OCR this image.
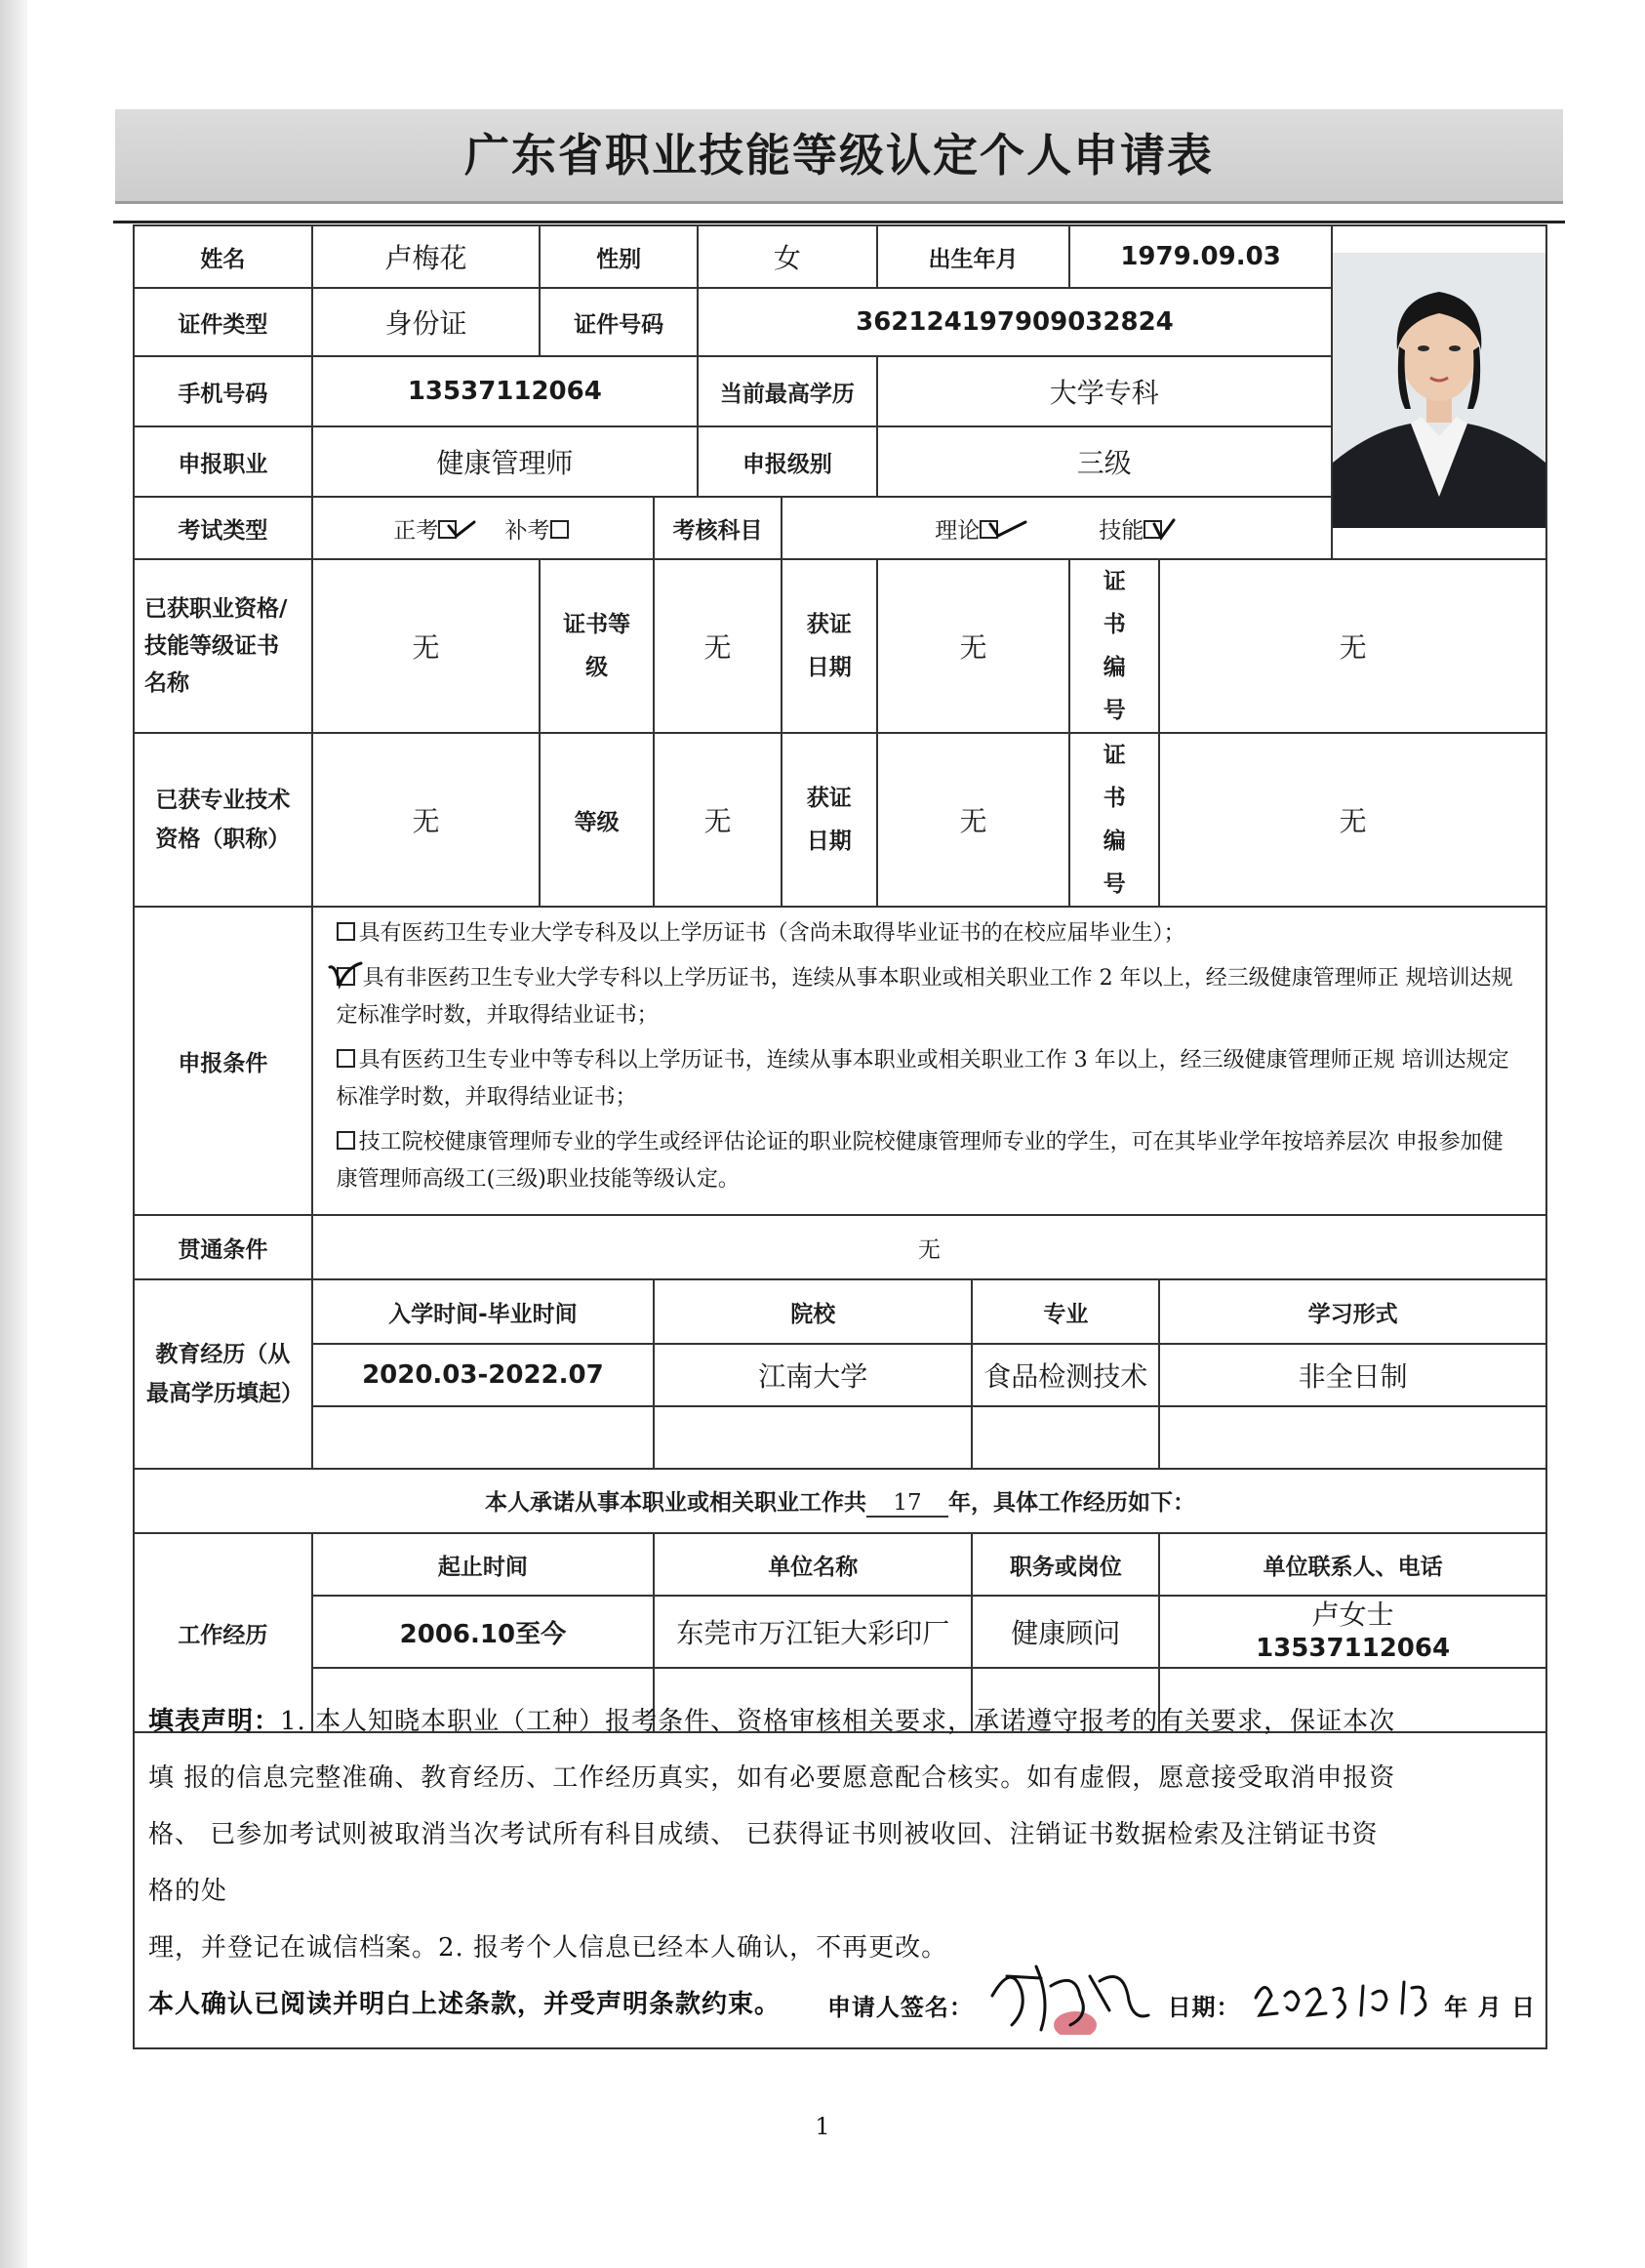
广东省职业技能等级认定个人申请表
姓名	卢梅花	性别		女		出生年月		1979.09.03	
证件类型	身份证	证件号码		362124197909032824						
手机号码	13537112064			当前最高学历		大学专科				
申报职业	健康管理师			申报级别		三级				
考试类型	正考 补考		考核科目		理论 技能					
已获职业资格/技能等级证书名称	无	证书等级	无		获证日期	无		证书编号	无	
已获专业技术资格（职称）	无	等级	无		获证日期	无		证书编号	无	
申报条件	具有医药卫生专业大学专科及以上学历证书（含尚未取得毕业证书的在校应届毕业生）；

具有非医药卫生专业大学专科以上学历证书，连续从事本职业或相关职业工作 2 年以上，经三级健康管理师正 规培训达规定标准学时数，并取得结业证书；

具有医药卫生专业中等专科以上学历证书，连续从事本职业或相关职业工作 3 年以上，经三级健康管理师正规 培训达规定标准学时数，并取得结业证书；

技工院校健康管理师专业的学生或经评估论证的职业院校健康管理师专业的学生，可在其毕业学年按培养层次 申报参加健康管理师高级工(三级)职业技能等级认定。									

贯通条件	无									
教育经历（从最高学历填起）	入学时间-毕业时间		院校				专业		学习形式	
	2020.03-2022.07		江南大学				食品检测技术		非全日制	

本人承诺从事本职业或相关职业工作共 17 年，具体工作经历如下：										
工作经历	起止时间		单位名称				职务或岗位		单位联系人、电话	
	2006.10至今		东莞市万江钜大彩印厂				健康顾问		卢女士
13537112064	

填表声明：1. 本人知晓本职业（工种）报考条件、资格审核相关要求，承诺遵守报考的有关要求，保证本次
填 报的信息完整准确、教育经历、工作经历真实，如有必要愿意配合核实。如有虚假，愿意接受取消申报资
格、 已参加考试则被取消当次考试所有科目成绩、 已获得证书则被收回、注销证书数据检索及注销证书资
格的处
理，并登记在诚信档案。2. 报考个人信息已经本人确认，不再更改。
本人确认已阅读并明白上述条款，并受声明条款约束。	申请人签名：	日期：	年 月 日
1
